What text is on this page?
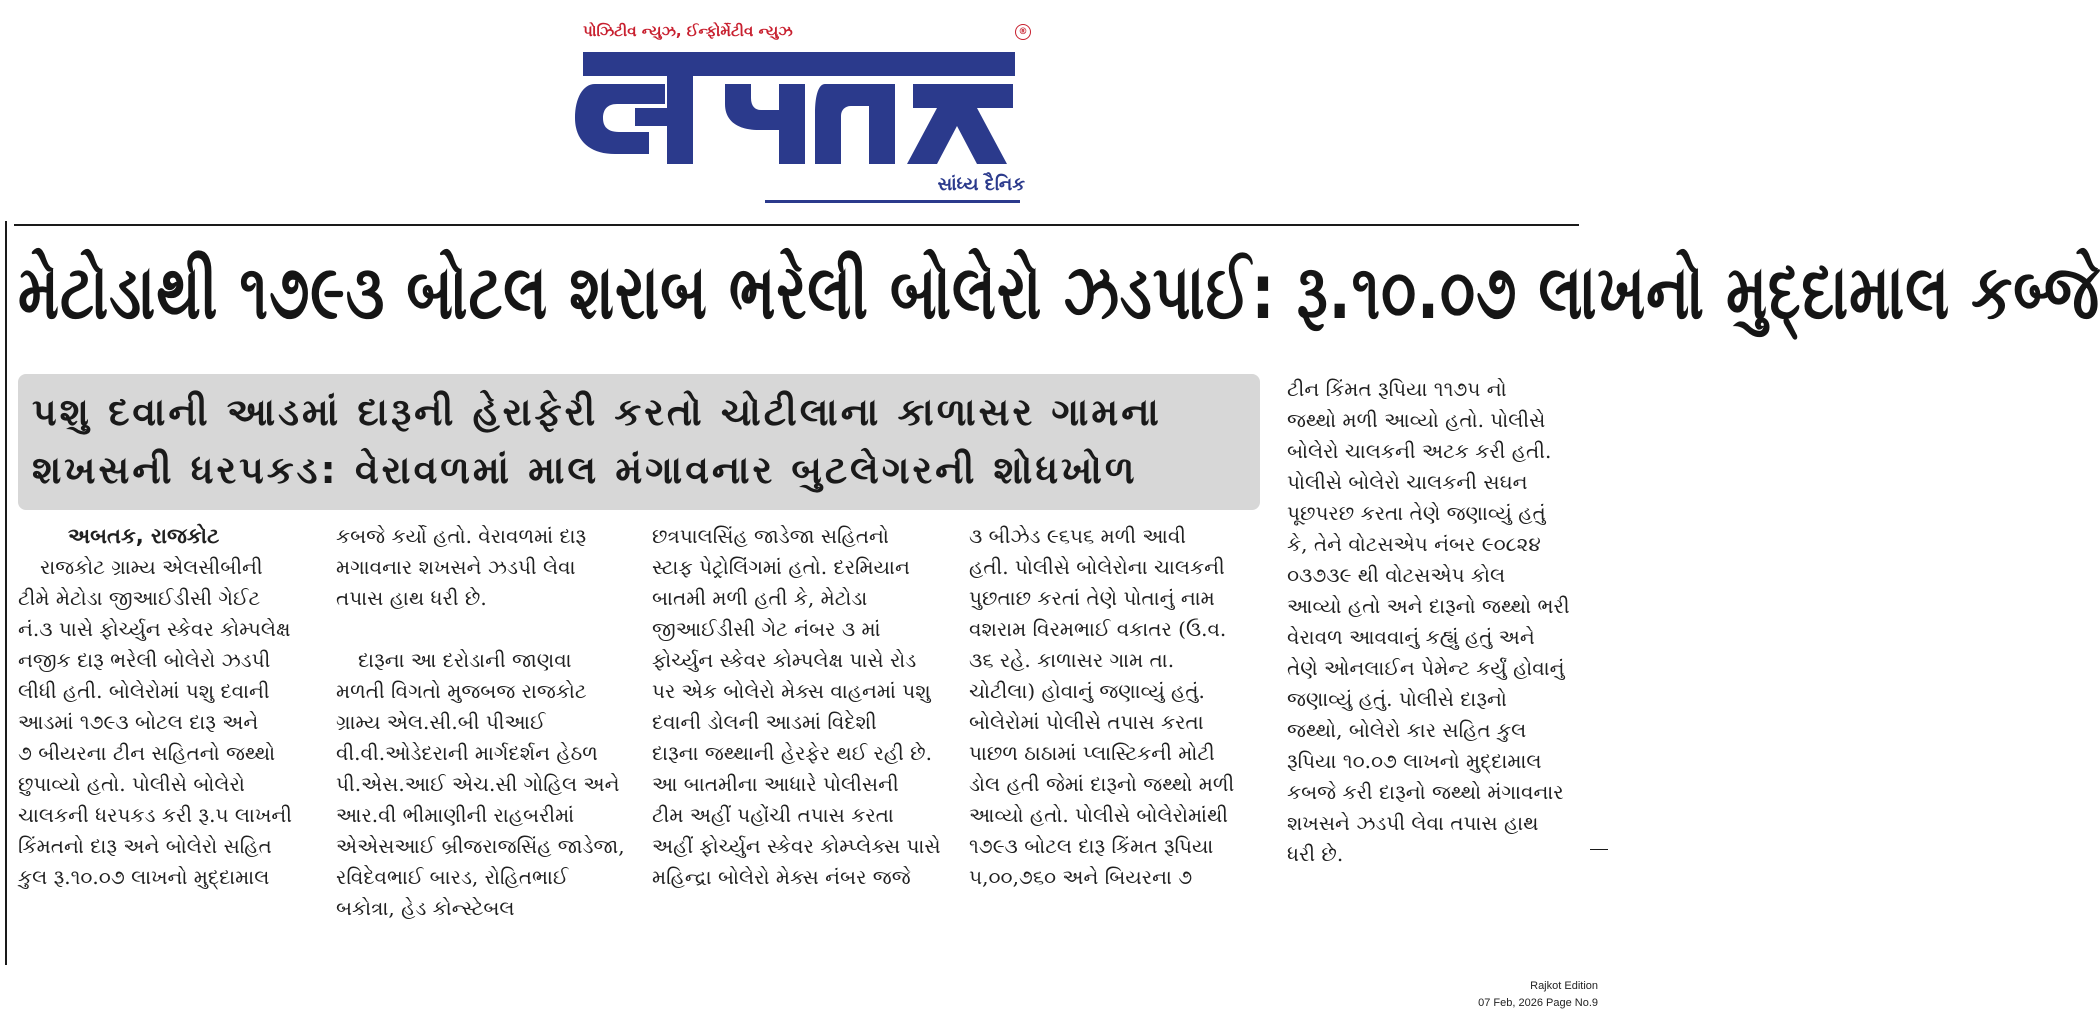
પોઝિટીવ ન્યુઝ, ઈન્ફોર્મેટીવ ન્યુઝ	®
સાંધ્ય દૈનિક
મેટોડાથી ૧૭૯૩ બોટલ શરાબ ભરેલી બોલેરો ઝડપાઈ: રૂ.૧૦.૦૭ લાખનો મુદ્દામાલ કબ્જે
પશુ દવાની આડમાં દારૂની હેરાફેરી કરતો ચોટીલાના કાળાસર ગામના
શખસની ધરપકડ: વેરાવળમાં માલ મંગાવનાર બુટલેગરની શોધખોળ

અબતક, રાજકોટ

રાજકોટ ગ્રામ્ય એલસીબીની

ટીમે મેટોડા જીઆઈડીસી ગેઈટ

નં.૩ પાસે ફોર્ચ્યુન સ્કેવર કોમ્પલેક્ષ

નજીક દારૂ ભરેલી બોલેરો ઝડપી

લીધી હતી. બોલેરોમાં પશુ દવાની

આડમાં ૧૭૯૩ બોટલ દારૂ અને

૭ બીયરના ટીન સહિતનો જથ્થો

છુપાવ્યો હતો. પોલીસે બોલેરો

ચાલકની ધરપકડ કરી રૂ.૫ લાખની

કિંમતનો દારૂ અને બોલેરો સહિત

કુલ રૂ.૧૦.૦૭ લાખનો મુદ્દામાલ

કબજે કર્યો હતો. વેરાવળમાં દારૂ

મગાવનાર શખસને ઝડપી લેવા

તપાસ હાથ ધરી છે.

દારૂના આ દરોડાની જાણવા

મળતી વિગતો મુજબજ રાજકોટ

ગ્રામ્ય એલ.સી.બી પીઆઈ

વી.વી.ઓડેદરાની માર્ગદર્શન હેઠળ

પી.એસ.આઈ એચ.સી ગોહિલ અને

આર.વી ભીમાણીની રાહબરીમાં

એએસઆઈ બ્રીજરાજસિંહ જાડેજા,

રવિદેવભાઈ બારડ, રોહિતભાઈ

બકોત્રા, હેડ કોન્સ્ટેબલ

છત્રપાલસિંહ જાડેજા સહિતનો

સ્ટાફ પેટ્રોલિંગમાં હતો. દરમિયાન

બાતમી મળી હતી કે, મેટોડા

જીઆઈડીસી ગેટ નંબર ૩ માં

ફોર્ચ્યુન સ્કેવર કોમ્પલેક્ષ પાસે રોડ

પર એક બોલેરો મેક્સ વાહનમાં પશુ

દવાની ડોલની આડમાં વિદેશી

દારૂના જથ્થાની હેરફેર થઈ રહી છે.

આ બાતમીના આધારે પોલીસની

ટીમ અહીં પહોંચી તપાસ કરતા

અહીં ફોર્ચ્યુન સ્કેવર કોમ્પ્લેક્સ પાસે

મહિન્દ્રા બોલેરો મેક્સ નંબર જજે

૩ બીઝેડ ૯૬૫૬ મળી આવી

હતી. પોલીસે બોલેરોના ચાલકની

પુછતાછ કરતાં તેણે પોતાનું નામ

વશરામ વિરમભાઈ વકાતર (ઉ.વ.

૩૬ રહે. કાળાસર ગામ તા.

ચોટીલા) હોવાનું જણાવ્યું હતું.

બોલેરોમાં પોલીસે તપાસ કરતા

પાછળ ઠાઠામાં પ્લાસ્ટિકની મોટી

ડોલ હતી જેમાં દારૂનો જથ્થો મળી

આવ્યો હતો. પોલીસે બોલેરોમાંથી

૧૭૯૩ બોટલ દારૂ કિંમત રૂપિયા

૫,૦૦,૭૬૦ અને બિયરના ૭

ટીન કિંમત રૂપિયા ૧૧૭૫ નો

જથ્થો મળી આવ્યો હતો. પોલીસે

બોલેરો ચાલકની અટક કરી હતી.

પોલીસે બોલેરો ચાલકની સઘન

પૂછપરછ કરતા તેણે જણાવ્યું હતું

કે, તેને વોટસએપ નંબર ૯૦૮૨૪

૦૩૭૩૯ થી વોટસએપ કોલ

આવ્યો હતો અને દારૂનો જથ્થો ભરી

વેરાવળ આવવાનું કહ્યું હતું અને

તેણે ઓનલાઈન પેમેન્ટ કર્યું હોવાનું

જણાવ્યું હતું. પોલીસે દારૂનો

જથ્થો, બોલેરો કાર સહિત કુલ

રૂપિયા ૧૦.૦૭ લાખનો મુદ્દામાલ

કબજે કરી દારૂનો જથ્થો મંગાવનાર

શખસને ઝડપી લેવા તપાસ હાથ

ધરી છે.

Rajkot Edition
07 Feb, 2026 Page No.9
